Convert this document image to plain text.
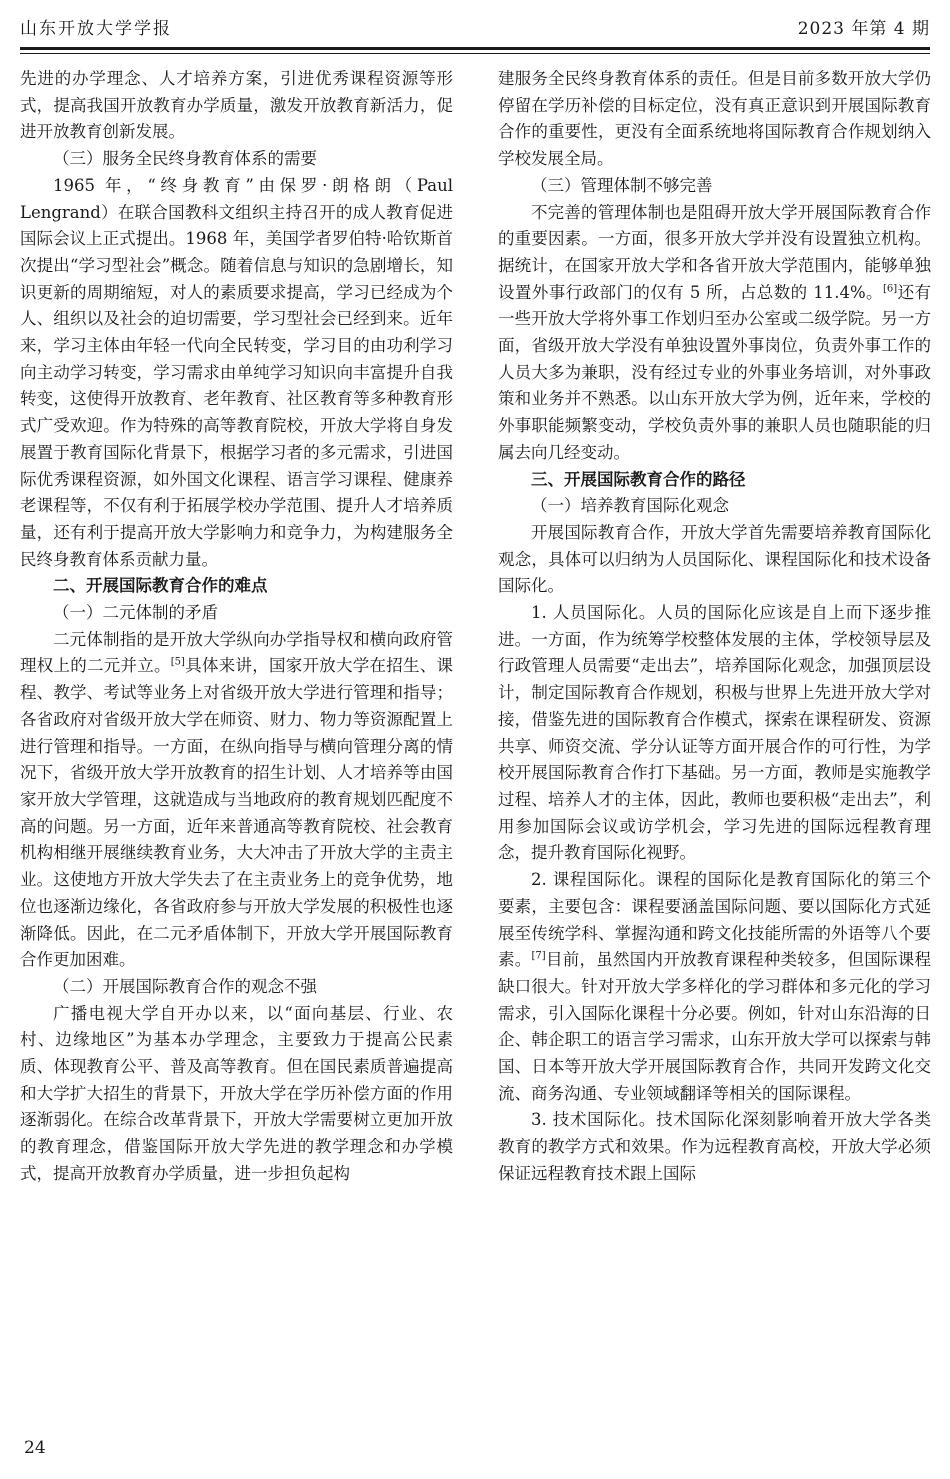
山东开放大学学报	2023 年第 4 期

先进的办学理念、人才培养方案，引进优秀课程资源等形式，提高我国开放教育办学质量，激发开放教育新活力，促进开放教育创新发展。

（三）服务全民终身教育体系的需要

1965 年，“终身教育”由保罗·朗格朗（Paul Lengrand）在联合国教科文组织主持召开的成人教育促进国际会议上正式提出。1968 年，美国学者罗伯特·哈钦斯首次提出“学习型社会”概念。随着信息与知识的急剧增长，知识更新的周期缩短，对人的素质要求提高，学习已经成为个人、组织以及社会的迫切需要，学习型社会已经到来。近年来，学习主体由年轻一代向全民转变，学习目的由功利学习向主动学习转变，学习需求由单纯学习知识向丰富提升自我转变，这使得开放教育、老年教育、社区教育等多种教育形式广受欢迎。作为特殊的高等教育院校，开放大学将自身发展置于教育国际化背景下，根据学习者的多元需求，引进国际优秀课程资源，如外国文化课程、语言学习课程、健康养老课程等，不仅有利于拓展学校办学范围、提升人才培养质量，还有利于提高开放大学影响力和竞争力，为构建服务全民终身教育体系贡献力量。

二、开展国际教育合作的难点

（一）二元体制的矛盾

二元体制指的是开放大学纵向办学指导权和横向政府管理权上的二元并立。[5]具体来讲，国家开放大学在招生、课程、教学、考试等业务上对省级开放大学进行管理和指导；各省政府对省级开放大学在师资、财力、物力等资源配置上进行管理和指导。一方面，在纵向指导与横向管理分离的情况下，省级开放大学开放教育的招生计划、人才培养等由国家开放大学管理，这就造成与当地政府的教育规划匹配度不高的问题。另一方面，近年来普通高等教育院校、社会教育机构相继开展继续教育业务，大大冲击了开放大学的主责主业。这使地方开放大学失去了在主责业务上的竞争优势，地位也逐渐边缘化，各省政府参与开放大学发展的积极性也逐渐降低。因此，在二元矛盾体制下，开放大学开展国际教育合作更加困难。

（二）开展国际教育合作的观念不强

广播电视大学自开办以来，以“面向基层、行业、农村、边缘地区”为基本办学理念，主要致力于提高公民素质、体现教育公平、普及高等教育。但在国民素质普遍提高和大学扩大招生的背景下，开放大学在学历补偿方面的作用逐渐弱化。在综合改革背景下，开放大学需要树立更加开放的教育理念，借鉴国际开放大学先进的教学理念和办学模式，提高开放教育办学质量，进一步担负起构

建服务全民终身教育体系的责任。但是目前多数开放大学仍停留在学历补偿的目标定位，没有真正意识到开展国际教育合作的重要性，更没有全面系统地将国际教育合作规划纳入学校发展全局。

（三）管理体制不够完善

不完善的管理体制也是阻碍开放大学开展国际教育合作的重要因素。一方面，很多开放大学并没有设置独立机构。据统计，在国家开放大学和各省开放大学范围内，能够单独设置外事行政部门的仅有 5 所，占总数的 11.4%。[6]还有一些开放大学将外事工作划归至办公室或二级学院。另一方面，省级开放大学没有单独设置外事岗位，负责外事工作的人员大多为兼职，没有经过专业的外事业务培训，对外事政策和业务并不熟悉。以山东开放大学为例，近年来，学校的外事职能频繁变动，学校负责外事的兼职人员也随职能的归属去向几经变动。

三、开展国际教育合作的路径

（一）培养教育国际化观念

开展国际教育合作，开放大学首先需要培养教育国际化观念，具体可以归纳为人员国际化、课程国际化和技术设备国际化。

1. 人员国际化。人员的国际化应该是自上而下逐步推进。一方面，作为统筹学校整体发展的主体，学校领导层及行政管理人员需要“走出去”，培养国际化观念，加强顶层设计，制定国际教育合作规划，积极与世界上先进开放大学对接，借鉴先进的国际教育合作模式，探索在课程研发、资源共享、师资交流、学分认证等方面开展合作的可行性，为学校开展国际教育合作打下基础。另一方面，教师是实施教学过程、培养人才的主体，因此，教师也要积极“走出去”，利用参加国际会议或访学机会，学习先进的国际远程教育理念，提升教育国际化视野。

2. 课程国际化。课程的国际化是教育国际化的第三个要素，主要包含：课程要涵盖国际问题、要以国际化方式延展至传统学科、掌握沟通和跨文化技能所需的外语等八个要素。[7]目前，虽然国内开放教育课程种类较多，但国际课程缺口很大。针对开放大学多样化的学习群体和多元化的学习需求，引入国际化课程十分必要。例如，针对山东沿海的日企、韩企职工的语言学习需求，山东开放大学可以探索与韩国、日本等开放大学开展国际教育合作，共同开发跨文化交流、商务沟通、专业领域翻译等相关的国际课程。

3. 技术国际化。技术国际化深刻影响着开放大学各类教育的教学方式和效果。作为远程教育高校，开放大学必须保证远程教育技术跟上国际

24
